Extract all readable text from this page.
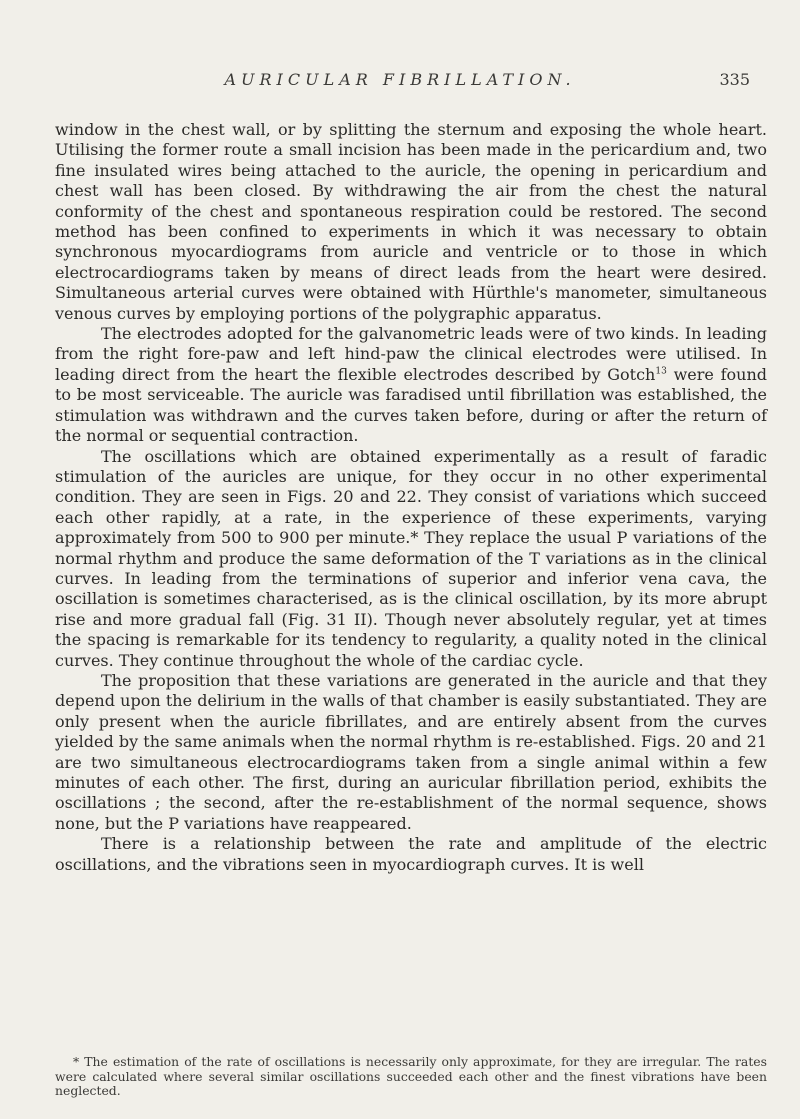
AURICULAR FIBRILLATION.	335

window in the chest wall, or by splitting the sternum and exposing the whole heart. Utilising the former route a small incision has been made in the pericardium and, two fine insulated wires being attached to the auricle, the opening in pericardium and chest wall has been closed. By withdrawing the air from the chest the natural conformity of the chest and spontaneous respiration could be restored. The second method has been confined to experiments in which it was necessary to obtain synchronous myocardiograms from auricle and ventricle or to those in which electrocardiograms taken by means of direct leads from the heart were desired. Simultaneous arterial curves were obtained with Hürthle's manometer, simultaneous venous curves by employing portions of the polygraphic apparatus.

The electrodes adopted for the galvanometric leads were of two kinds. In leading from the right fore-paw and left hind-paw the clinical electrodes were utilised. In leading direct from the heart the flexible electrodes described by Gotch$^{13}$ were found to be most serviceable. The auricle was faradised until fibrillation was established, the stimulation was withdrawn and the curves taken before, during or after the return of the normal or sequential contraction.

The oscillations which are obtained experimentally as a result of faradic stimulation of the auricles are unique, for they occur in no other experimental condition. They are seen in Figs. 20 and 22. They consist of variations which succeed each other rapidly, at a rate, in the experience of these experiments, varying approximately from 500 to 900 per minute.* They replace the usual P variations of the normal rhythm and produce the same deformation of the T variations as in the clinical curves. In leading from the terminations of superior and inferior vena cava, the oscillation is sometimes characterised, as is the clinical oscillation, by its more abrupt rise and more gradual fall (Fig. 31 II). Though never absolutely regular, yet at times the spacing is remarkable for its tendency to regularity, a quality noted in the clinical curves. They continue throughout the whole of the cardiac cycle.

The proposition that these variations are generated in the auricle and that they depend upon the delirium in the walls of that chamber is easily substantiated. They are only present when the auricle fibrillates, and are entirely absent from the curves yielded by the same animals when the normal rhythm is re-established. Figs. 20 and 21 are two simultaneous electrocardiograms taken from a single animal within a few minutes of each other. The first, during an auricular fibrillation period, exhibits the oscillations ; the second, after the re-establishment of the normal sequence, shows none, but the P variations have reappeared.

There is a relationship between the rate and amplitude of the electric oscillations, and the vibrations seen in myocardiograph curves. It is well

* The estimation of the rate of oscillations is necessarily only approximate, for they are irregular. The rates were calculated where several similar oscillations succeeded each other and the finest vibrations have been neglected.
